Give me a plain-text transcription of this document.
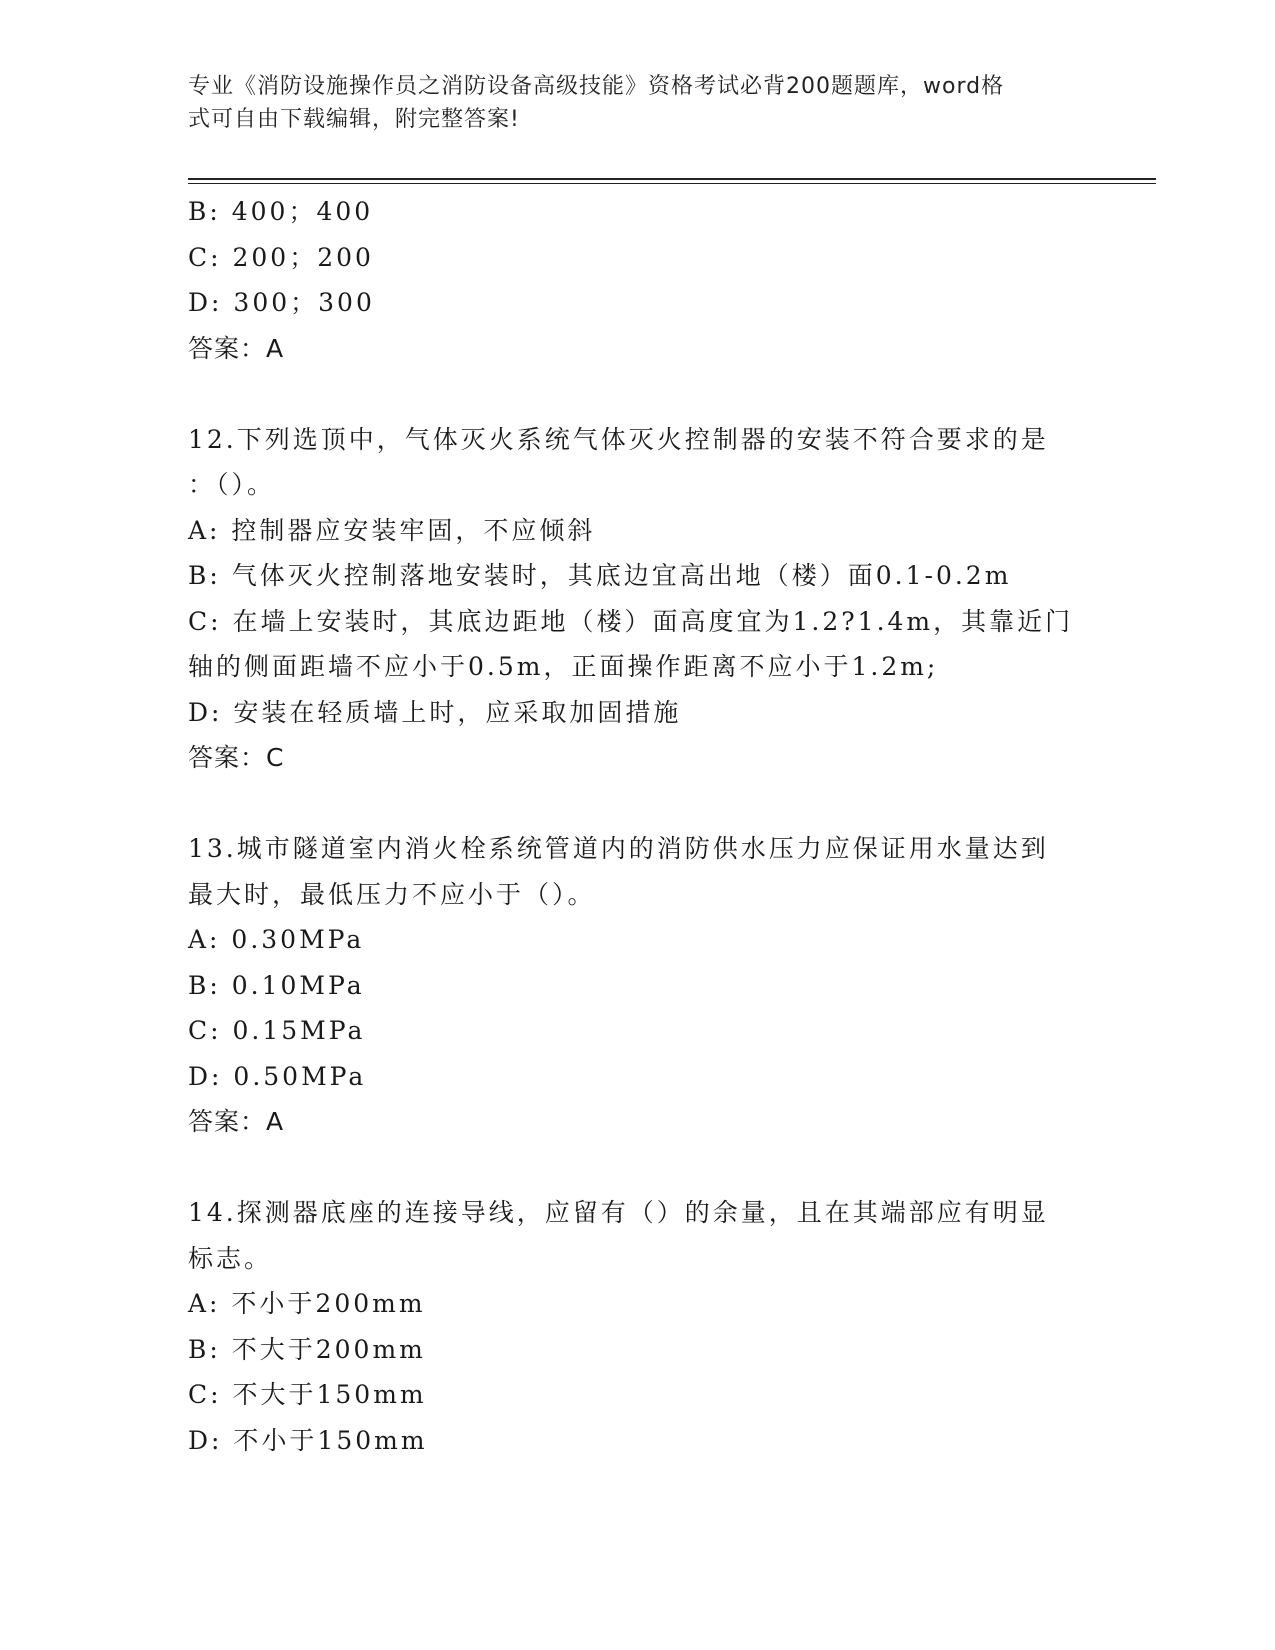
专业《消防设施操作员之消防设备高级技能》资格考试必背200题题库，word格
式可自由下载编辑，附完整答案!
B: 400；400
C: 200；200
D: 300；300
答案：A
12.下列选顶中，气体灭火系统气体灭火控制器的安装不符合要求的是
：（）。
A: 控制器应安装牢固，不应倾斜
B: 气体灭火控制落地安装时，其底边宜高出地（楼）面0.1-0.2m
C: 在墙上安装时，其底边距地（楼）面高度宜为1.2?1.4m，其靠近门
轴的侧面距墙不应小于0.5m，正面操作距离不应小于1.2m;
D: 安装在轻质墙上时，应采取加固措施
答案：C
13.城市隧道室内消火栓系统管道内的消防供水压力应保证用水量达到
最大时，最低压力不应小于（）。
A: 0.30MPa
B: 0.10MPa
C: 0.15MPa
D: 0.50MPa
答案：A
14.探测器底座的连接导线，应留有（）的余量，且在其端部应有明显
标志。
A: 不小于200mm
B: 不大于200mm
C: 不大于150mm
D: 不小于150mm
